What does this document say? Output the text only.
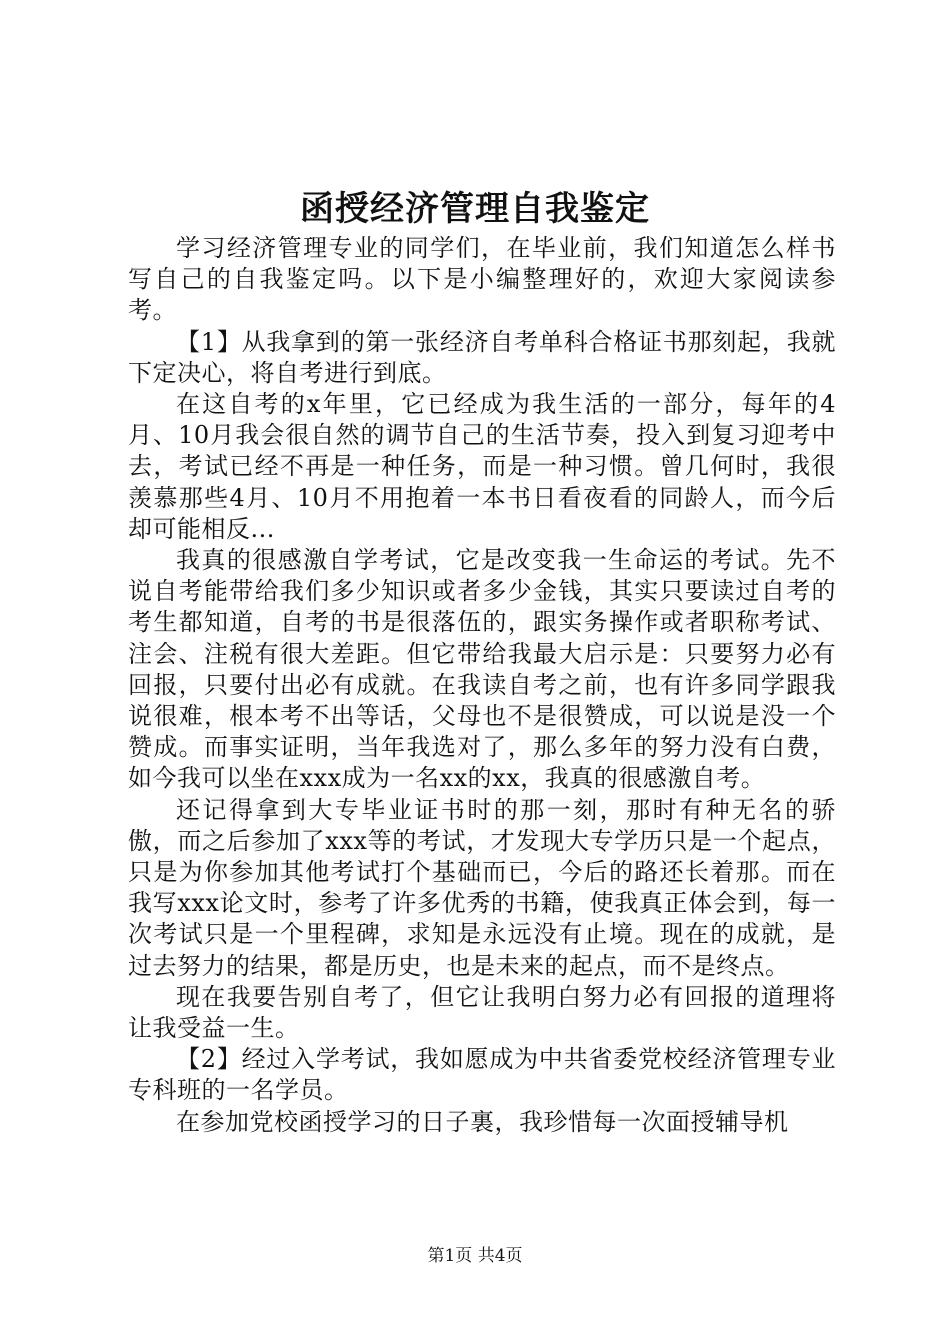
函授经济管理自我鉴定

学习经济管理专业的同学们，在毕业前，我们知道怎么样书写自己的自我鉴定吗。以下是小编整理好的，欢迎大家阅读参考。

【1】从我拿到的第一张经济自考单科合格证书那刻起，我就下定决心，将自考进行到底。

在这自考的x年里，它已经成为我生活的一部分，每年的4月、10月我会很自然的调节自己的生活节奏，投入到复习迎考中去，考试已经不再是一种任务，而是一种习惯。曾几何时，我很羡慕那些4月、10月不用抱着一本书日看夜看的同龄人，而今后却可能相反...

我真的很感激自学考试，它是改变我一生命运的考试。先不说自考能带给我们多少知识或者多少金钱，其实只要读过自考的考生都知道，自考的书是很落伍的，跟实务操作或者职称考试、注会、注税有很大差距。但它带给我最大启示是：只要努力必有回报，只要付出必有成就。在我读自考之前，也有许多同学跟我说很难，根本考不出等话，父母也不是很赞成，可以说是没一个赞成。而事实证明，当年我选对了，那么多年的努力没有白费，如今我可以坐在xxx成为一名xx的xx，我真的很感激自考。

还记得拿到大专毕业证书时的那一刻，那时有种无名的骄傲，而之后参加了xxx等的考试，才发现大专学历只是一个起点，只是为你参加其他考试打个基础而已，今后的路还长着那。而在我写xxx论文时，参考了许多优秀的书籍，使我真正体会到，每一次考试只是一个里程碑，求知是永远没有止境。现在的成就，是过去努力的结果，都是历史，也是未来的起点，而不是终点。

现在我要告别自考了，但它让我明白努力必有回报的道理将让我受益一生。

【2】经过入学考试，我如愿成为中共省委党校经济管理专业专科班的一名学员。

在参加党校函授学习的日子裏，我珍惜每一次面授辅导机

第1页 共4页
